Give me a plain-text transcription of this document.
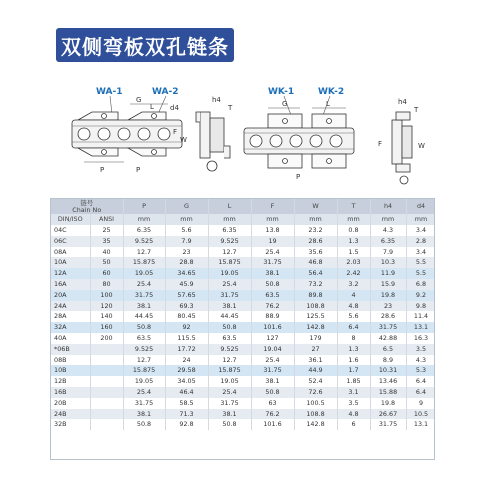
双侧弯板双孔链条
WA-1	WA-2
P	P
G
L d4
F
W
h4
T
WK-1	WK-2
G	L
P
h4
T
F	W
链号
Chain No		P	G	L	F	W	T	h4	d4
DIN/ISO	ANSI	mm	mm	mm	mm	mm	mm	mm	mm
04C	25	6.35	5.6	6.35	13.8	23.2	0.8	4.3	3.4
06C	35	9.525	7.9	9.525	19	28.6	1.3	6.35	2.8
08A	40	12.7	23	12.7	25.4	35.6	1.5	7.9	3.4
10A	50	15.875	28.8	15.875	31.75	46.8	2.03	10.3	5.5
12A	60	19.05	34.65	19.05	38.1	56.4	2.42	11.9	5.5
16A	80	25.4	45.9	25.4	50.8	73.2	3.2	15.9	6.8
20A	100	31.75	57.65	31.75	63.5	89.8	4	19.8	9.2
24A	120	38.1	69.3	38.1	76.2	108.8	4.8	23	9.8
28A	140	44.45	80.45	44.45	88.9	125.5	5.6	28.6	11.4
32A	160	50.8	92	50.8	101.6	142.8	6.4	31.75	13.1
40A	200	63.5	115.5	63.5	127	179	8	42.88	16.3
*06B		9.525	17.72	9.525	19.04	27	1.3	6.5	3.5
08B		12.7	24	12.7	25.4	36.1	1.6	8.9	4.3
10B		15.875	29.58	15.875	31.75	44.9	1.7	10.31	5.3
12B		19.05	34.05	19.05	38.1	52.4	1.85	13.46	6.4
16B		25.4	46.4	25.4	50.8	72.6	3.1	15.88	6.4
20B		31.75	58.5	31.75	63	100.5	3.5	19.8	9
24B		38.1	71.3	38.1	76.2	108.8	4.8	26.67	10.5
32B		50.8	92.8	50.8	101.6	142.8	6	31.75	13.1
